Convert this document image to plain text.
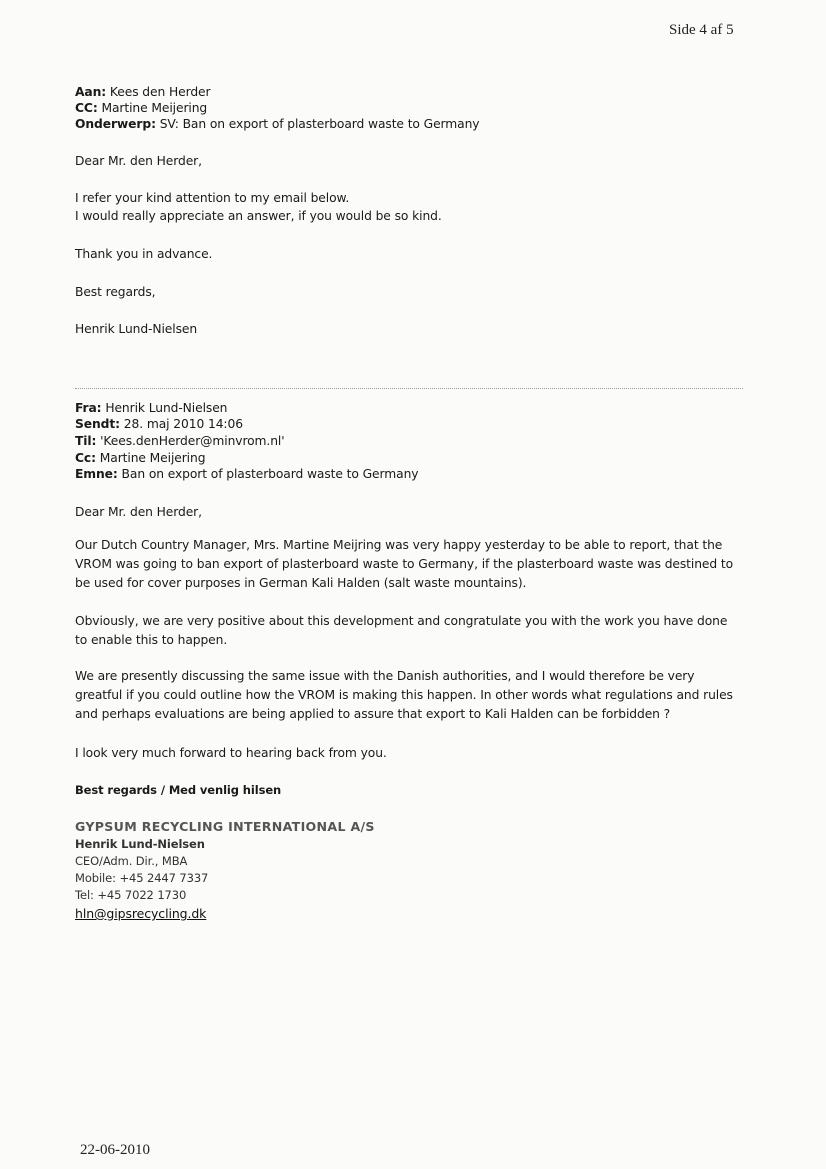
Side 4 af 5
Aan: Kees den Herder
CC: Martine Meijering
Onderwerp: SV: Ban on export of plasterboard waste to Germany
Dear Mr. den Herder,
I refer your kind attention to my email below.
I would really appreciate an answer, if you would be so kind.
Thank you in advance.
Best regards,
Henrik Lund-Nielsen
Fra: Henrik Lund-Nielsen
Sendt: 28. maj 2010 14:06
Til: 'Kees.denHerder@minvrom.nl'
Cc: Martine Meijering
Emne: Ban on export of plasterboard waste to Germany
Dear Mr. den Herder,
Our Dutch Country Manager, Mrs. Martine Meijring was very happy yesterday to be able to report, that the
VROM was going to ban export of plasterboard waste to Germany, if the plasterboard waste was destined to
be used for cover purposes in German Kali Halden (salt waste mountains).
Obviously, we are very positive about this development and congratulate you with the work you have done
to enable this to happen.
We are presently discussing the same issue with the Danish authorities, and I would therefore be very
greatful if you could outline how the VROM is making this happen. In other words what regulations and rules
and perhaps evaluations are being applied to assure that export to Kali Halden can be forbidden ?
I look very much forward to hearing back from you.
Best regards / Med venlig hilsen
GYPSUM RECYCLING INTERNATIONAL A/S
Henrik Lund-Nielsen
CEO/Adm. Dir., MBA
Mobile: +45 2447 7337
Tel: +45 7022 1730
hln@gipsrecycling.dk
22-06-2010
